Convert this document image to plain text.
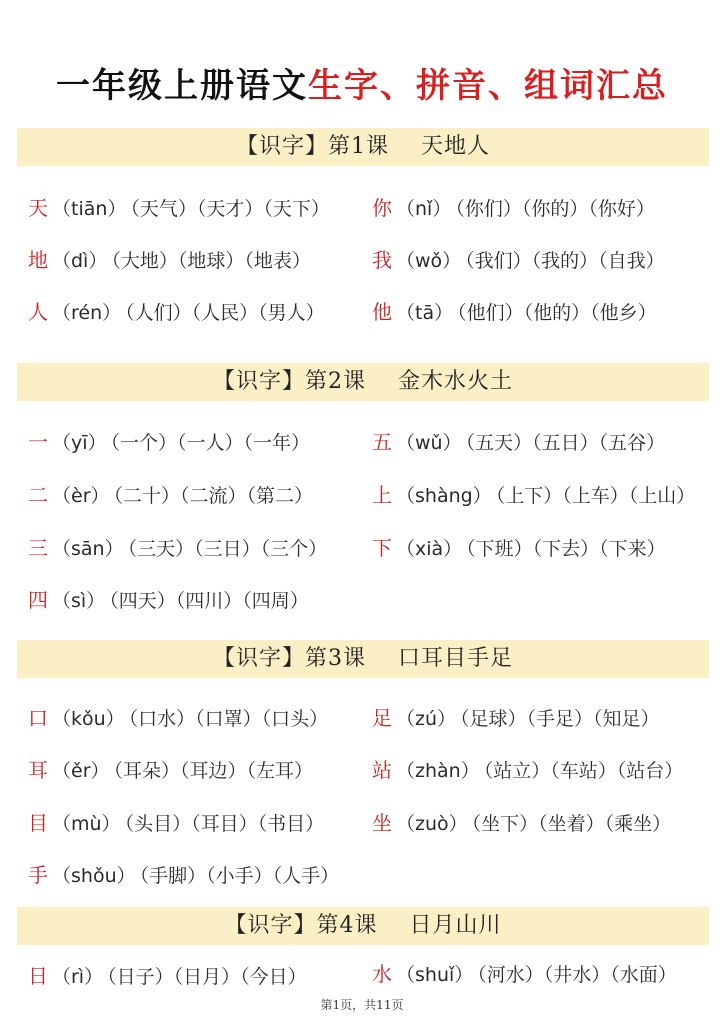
一年级上册语文生字、拼音、组词汇总
【识字】第1课 天地人
天 （tiān） （天气）（天才）（天下） 你 （nǐ） （你们）（你的）（你好）
地 （dì） （大地）（地球）（地表）	我 （wǒ） （我们）（我的）（自我）
人 （rén） （人们）（人民）（男人） 他 （tā） （他们）（他的）（他乡）
【识字】第2课 金木水火土
一 （yī） （一个）（一人）（一年）	五 （wǔ） （五天）（五日）（五谷）
二 （èr） （二十）（二流）（第二）	上 （shàng） （上下）（上车）（上山）
三 （sān） （三天）（三日）（三个） 下 （xià） （下班）（下去）（下来）
四 （sì） （四天）（四川）（四周）
【识字】第3课 口耳目手足
口 （kǒu） （口水）（口罩）（口头） 足 （zú） （足球）（手足）（知足）
耳 （ěr） （耳朵）（耳边）（左耳）	站 （zhàn） （站立）（车站）（站台）
目 （mù） （头目）（耳目）（书目） 坐 （zuò） （坐下）（坐着）（乘坐）
手 （shǒu） （手脚）（小手）（人手）
【识字】第4课 日月山川
日 （rì） （日子）（日月）（今日）	水 （shuǐ） （河水）（井水）（水面）
第1页，共11页
